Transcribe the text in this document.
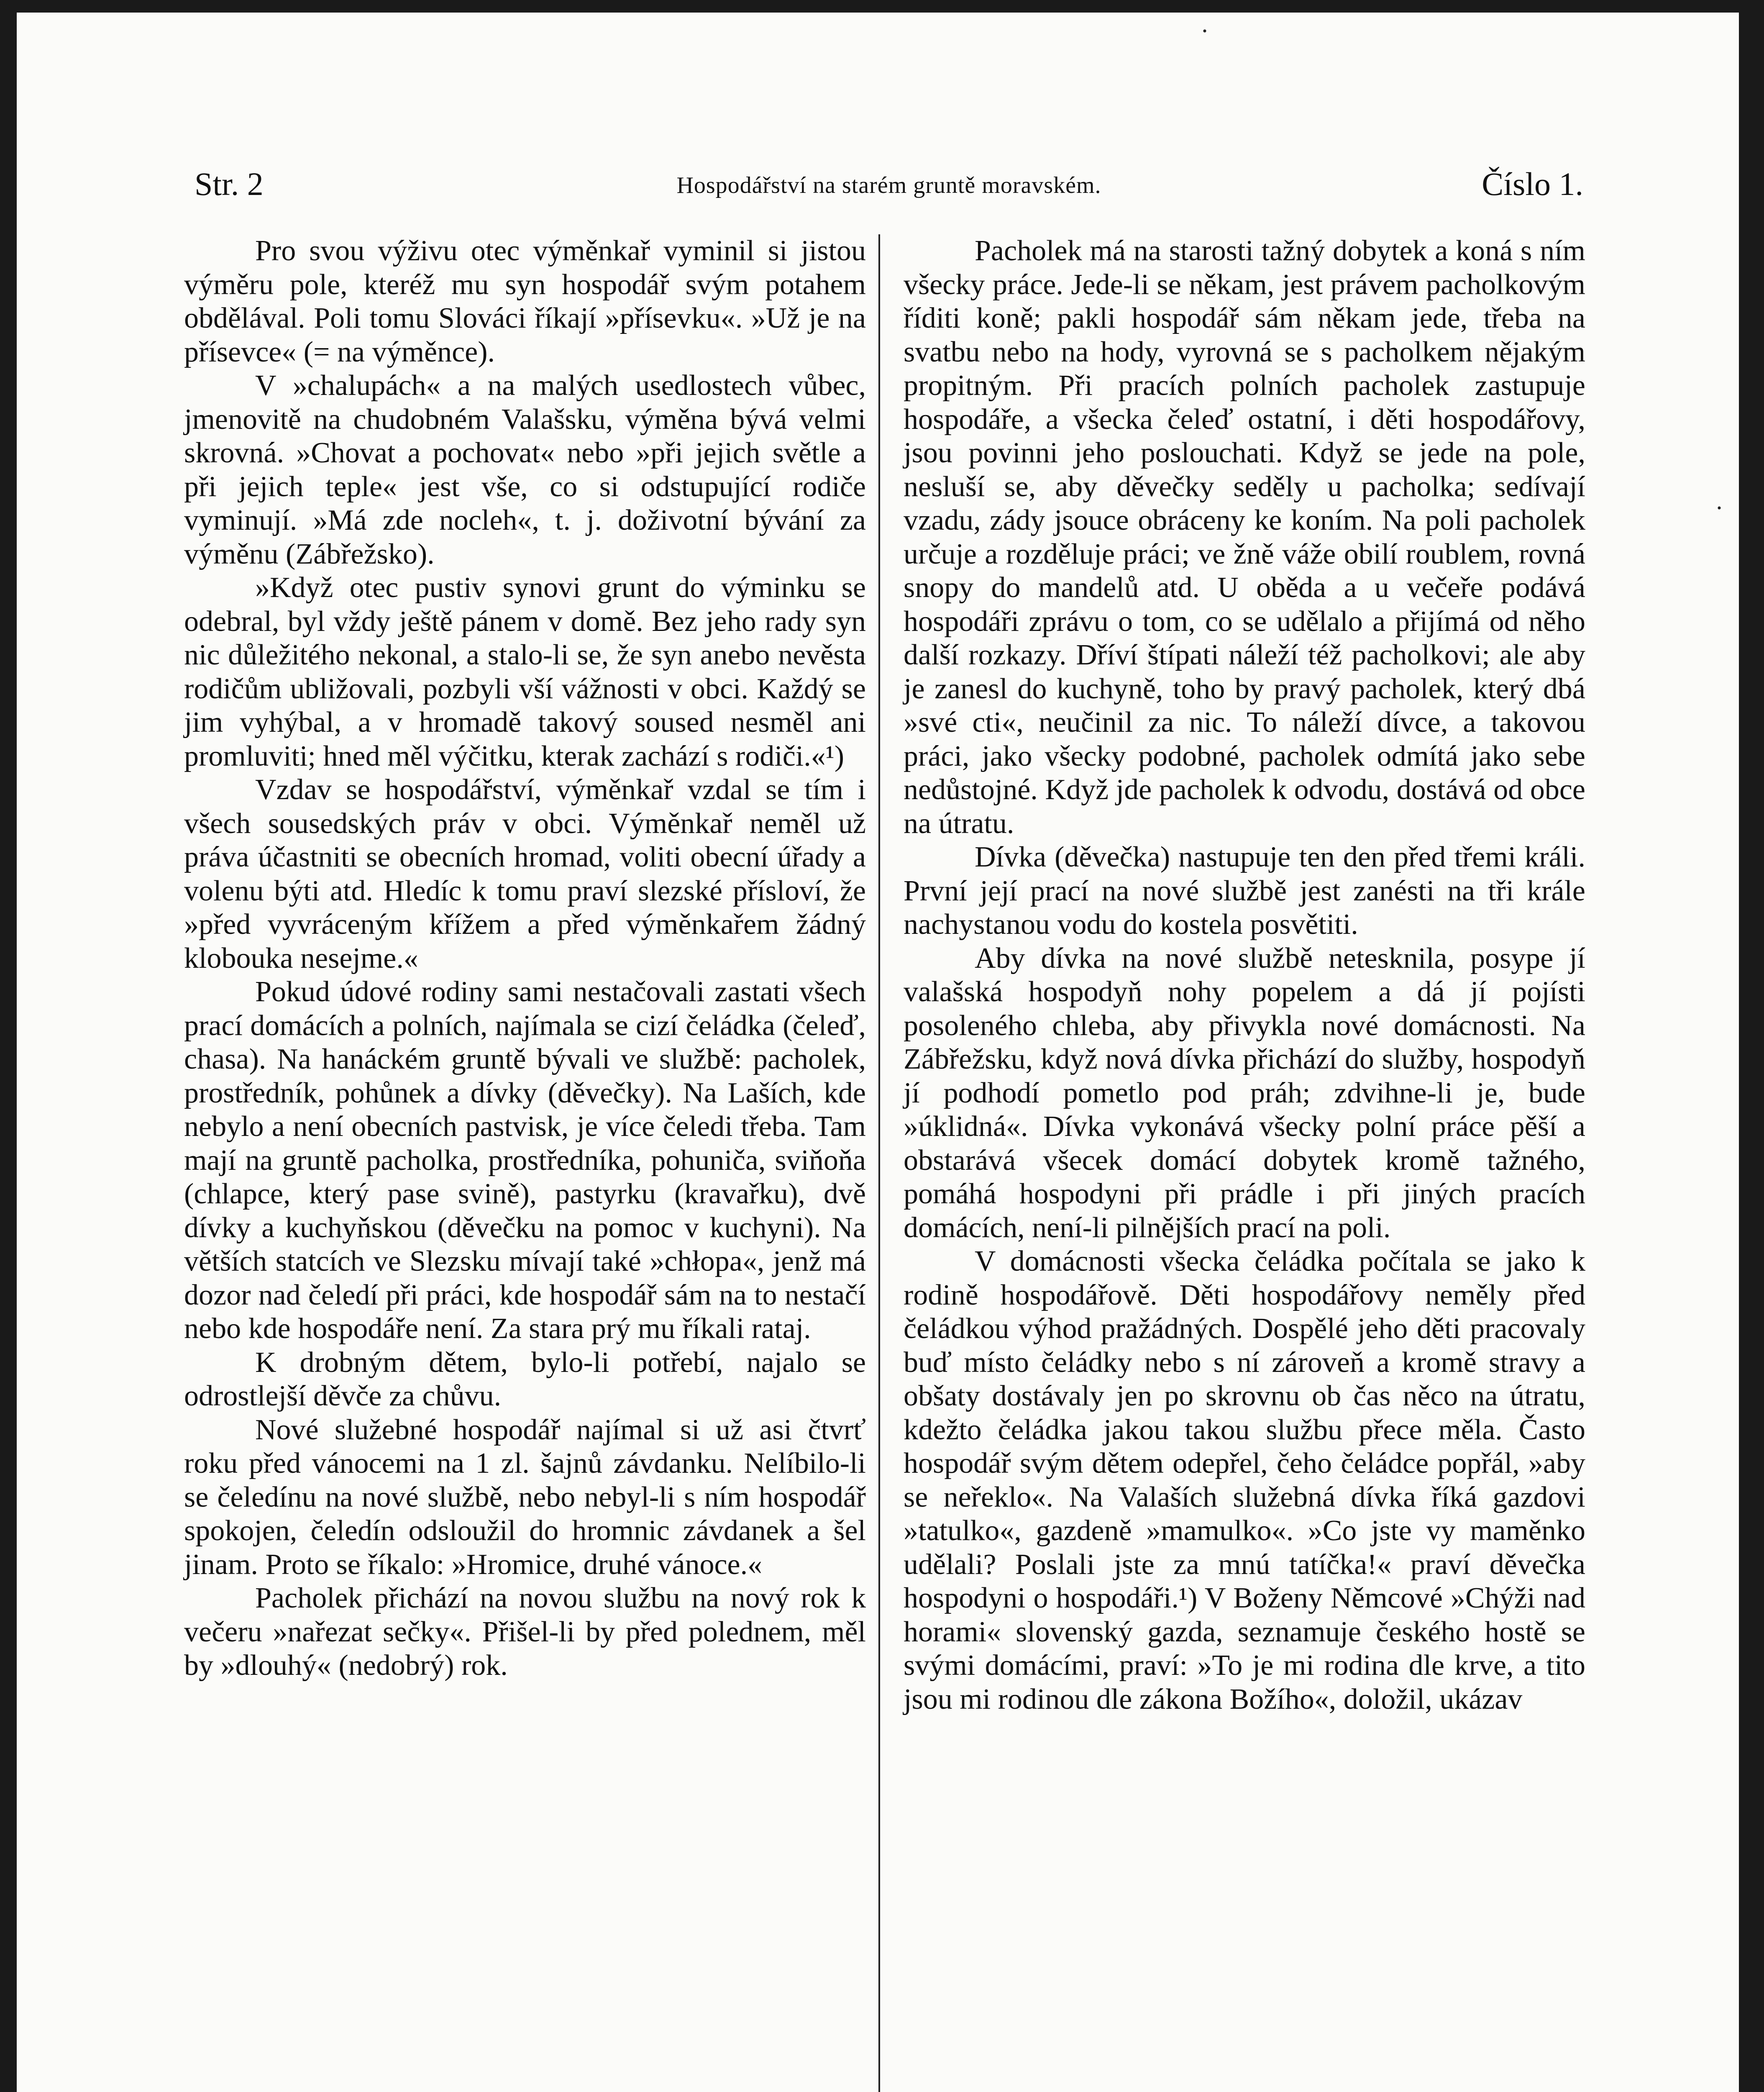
Str. 2	Hospodářství na starém gruntě moravském.	Číslo 1.

Pro svou výživu otec výměnkař vyminil si jistou výměru pole, kteréž mu syn hospodář svým potahem obdělával. Poli tomu Slováci říkají »přísevku«. »Už je na přísevce« (= na výměnce).

V »chalupách« a na malých usedlostech vůbec, jmenovitě na chudobném Valašsku, výměna bývá velmi skrovná. »Chovat a pochovat« nebo »při jejich světle a při jejich teple« jest vše, co si odstupující rodiče vyminují. »Má zde nocleh«, t. j. doživotní bývání za výměnu (Zábřežsko).

»Když otec pustiv synovi grunt do výminku se odebral, byl vždy ještě pánem v domě. Bez jeho rady syn nic důležitého nekonal, a stalo-li se, že syn anebo nevěsta rodičům ubližovali, pozbyli vší vážnosti v obci. Každý se jim vyhýbal, a v hromadě takový soused nesměl ani promluviti; hned měl výčitku, kterak zachází s rodiči.«¹)

Vzdav se hospodářství, výměnkař vzdal se tím i všech sousedských práv v obci. Výměnkař neměl už práva účastniti se obecních hromad, voliti obecní úřady a volenu býti atd. Hledíc k tomu praví slezské přísloví, že »před vyvráceným křížem a před výměnkařem žádný klobouka nesejme.«

Pokud údové rodiny sami nestačovali zastati všech prací domácích a polních, najímala se cizí čeládka (čeleď, chasa). Na hanáckém gruntě bývali ve službě: pacholek, prostředník, pohůnek a dívky (děvečky). Na Laších, kde nebylo a není obecních pastvisk, je více čeledi třeba. Tam mají na gruntě pacholka, prostředníka, pohuniča, sviňoňa (chlapce, který pase svině), pastyrku (kravařku), dvě dívky a kuchyňskou (děvečku na pomoc v kuchyni). Na větších statcích ve Slezsku mívají také »chłopa«, jenž má dozor nad čeledí při práci, kde hospodář sám na to nestačí nebo kde hospodáře není. Za stara prý mu říkali rataj.

K drobným dětem, bylo-li potřebí, najalo se odrostlejší děvče za chůvu.

Nové služebné hospodář najímal si už asi čtvrť roku před vánocemi na 1 zl. šajnů závdanku. Nelíbilo-li se čeledínu na nové službě, nebo nebyl-li s ním hospodář spokojen, čeledín odsloužil do hromnic závdanek a šel jinam. Proto se říkalo: »Hromice, druhé vánoce.«

Pacholek přichází na novou službu na nový rok k večeru »nařezat sečky«. Přišel-li by před polednem, měl by »dlouhý« (nedobrý) rok.

Pacholek má na starosti tažný dobytek a koná s ním všecky práce. Jede-li se někam, jest právem pacholkovým říditi koně; pakli hospodář sám někam jede, třeba na svatbu nebo na hody, vyrovná se s pacholkem nějakým propitným. Při pracích polních pacholek zastupuje hospodáře, a všecka čeleď ostatní, i děti hospodářovy, jsou povinni jeho poslouchati. Když se jede na pole, nesluší se, aby děvečky seděly u pacholka; sedívají vzadu, zády jsouce obráceny ke koním. Na poli pacholek určuje a rozděluje práci; ve žně váže obilí roublem, rovná snopy do mandelů atd. U oběda a u večeře podává hospodáři zprávu o tom, co se udělalo a přijímá od něho další rozkazy. Dříví štípati náleží též pacholkovi; ale aby je zanesl do kuchyně, toho by pravý pacholek, který dbá »své cti«, neučinil za nic. To náleží dívce, a takovou práci, jako všecky podobné, pacholek odmítá jako sebe nedůstojné. Když jde pacholek k odvodu, dostává od obce na útratu.

Dívka (děvečka) nastupuje ten den před třemi králi. První její prací na nové službě jest zanésti na tři krále nachystanou vodu do kostela posvětiti.

Aby dívka na nové službě netesknila, posype jí valašská hospodyň nohy popelem a dá jí pojísti posoleného chleba, aby přivykla nové domácnosti. Na Zábřežsku, když nová dívka přichází do služby, hospodyň jí podhodí pometlo pod práh; zdvihne-li je, bude »úklidná«. Dívka vykonává všecky polní práce pěší a obstarává všecek domácí dobytek kromě tažného, pomáhá hospodyni při prádle i při jiných pracích domácích, není-li pilnějších prací na poli.

V domácnosti všecka čeládka počítala se jako k rodině hospodářově. Děti hospodářovy neměly před čeládkou výhod pražádných. Dospělé jeho děti pracovaly buď místo čeládky nebo s ní zároveň a kromě stravy a obšaty dostávaly jen po skrovnu ob čas něco na útratu, kdežto čeládka jakou takou službu přece měla. Často hospodář svým dětem odepřel, čeho čeládce popřál, »aby se neřeklo«. Na Valaších služebná dívka říká gazdovi »tatulko«, gazdeně »mamulko«. »Co jste vy maměnko udělali? Poslali jste za mnú tatíčka!« praví děvečka hospodyni o hospodáři.¹) V Boženy Němcové »Chýži nad horami« slovenský gazda, seznamuje českého hostě se svými domácími, praví: »To je mi rodina dle krve, a tito jsou mi rodinou dle zákona Božího«, doložil, ukázav

·
·
